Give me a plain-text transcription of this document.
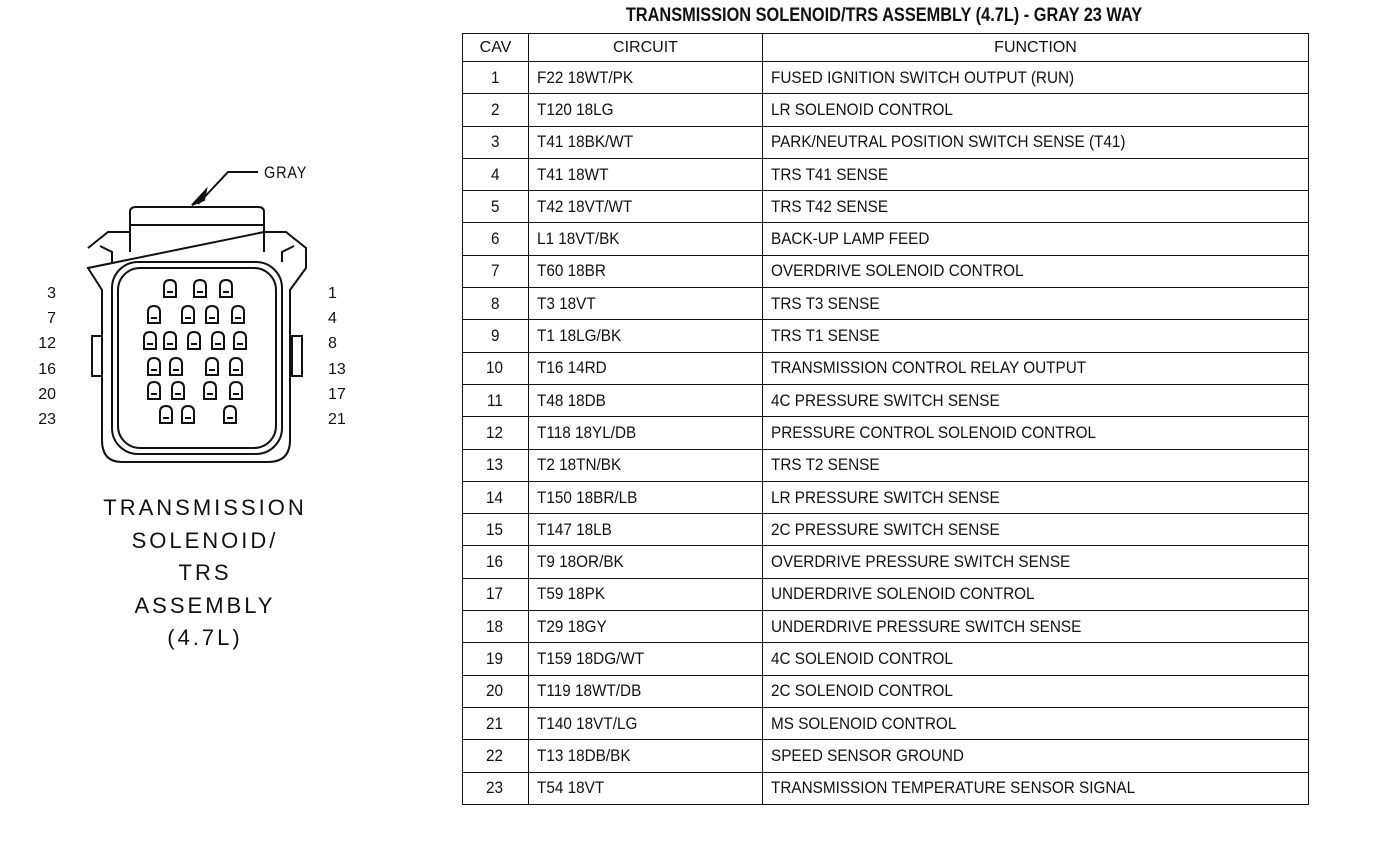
GRAY
3
7
12
16
20
23
1
4
8
13
17
21
TRANSMISSION
SOLENOID/
TRS
ASSEMBLY
(4.7L)
TRANSMISSION SOLENOID/TRS ASSEMBLY (4.7L) - GRAY 23 WAY
CAV	CIRCUIT	FUNCTION
1	F22 18WT/PK	FUSED IGNITION SWITCH OUTPUT (RUN)
2	T120 18LG	LR SOLENOID CONTROL
3	T41 18BK/WT	PARK/NEUTRAL POSITION SWITCH SENSE (T41)
4	T41 18WT	TRS T41 SENSE
5	T42 18VT/WT	TRS T42 SENSE
6	L1 18VT/BK	BACK-UP LAMP FEED
7	T60 18BR	OVERDRIVE SOLENOID CONTROL
8	T3 18VT	TRS T3 SENSE
9	T1 18LG/BK	TRS T1 SENSE
10	T16 14RD	TRANSMISSION CONTROL RELAY OUTPUT
11	T48 18DB	4C PRESSURE SWITCH SENSE
12	T118 18YL/DB	PRESSURE CONTROL SOLENOID CONTROL
13	T2 18TN/BK	TRS T2 SENSE
14	T150 18BR/LB	LR PRESSURE SWITCH SENSE
15	T147 18LB	2C PRESSURE SWITCH SENSE
16	T9 18OR/BK	OVERDRIVE PRESSURE SWITCH SENSE
17	T59 18PK	UNDERDRIVE SOLENOID CONTROL
18	T29 18GY	UNDERDRIVE PRESSURE SWITCH SENSE
19	T159 18DG/WT	4C SOLENOID CONTROL
20	T119 18WT/DB	2C SOLENOID CONTROL
21	T140 18VT/LG	MS SOLENOID CONTROL
22	T13 18DB/BK	SPEED SENSOR GROUND
23	T54 18VT	TRANSMISSION TEMPERATURE SENSOR SIGNAL
